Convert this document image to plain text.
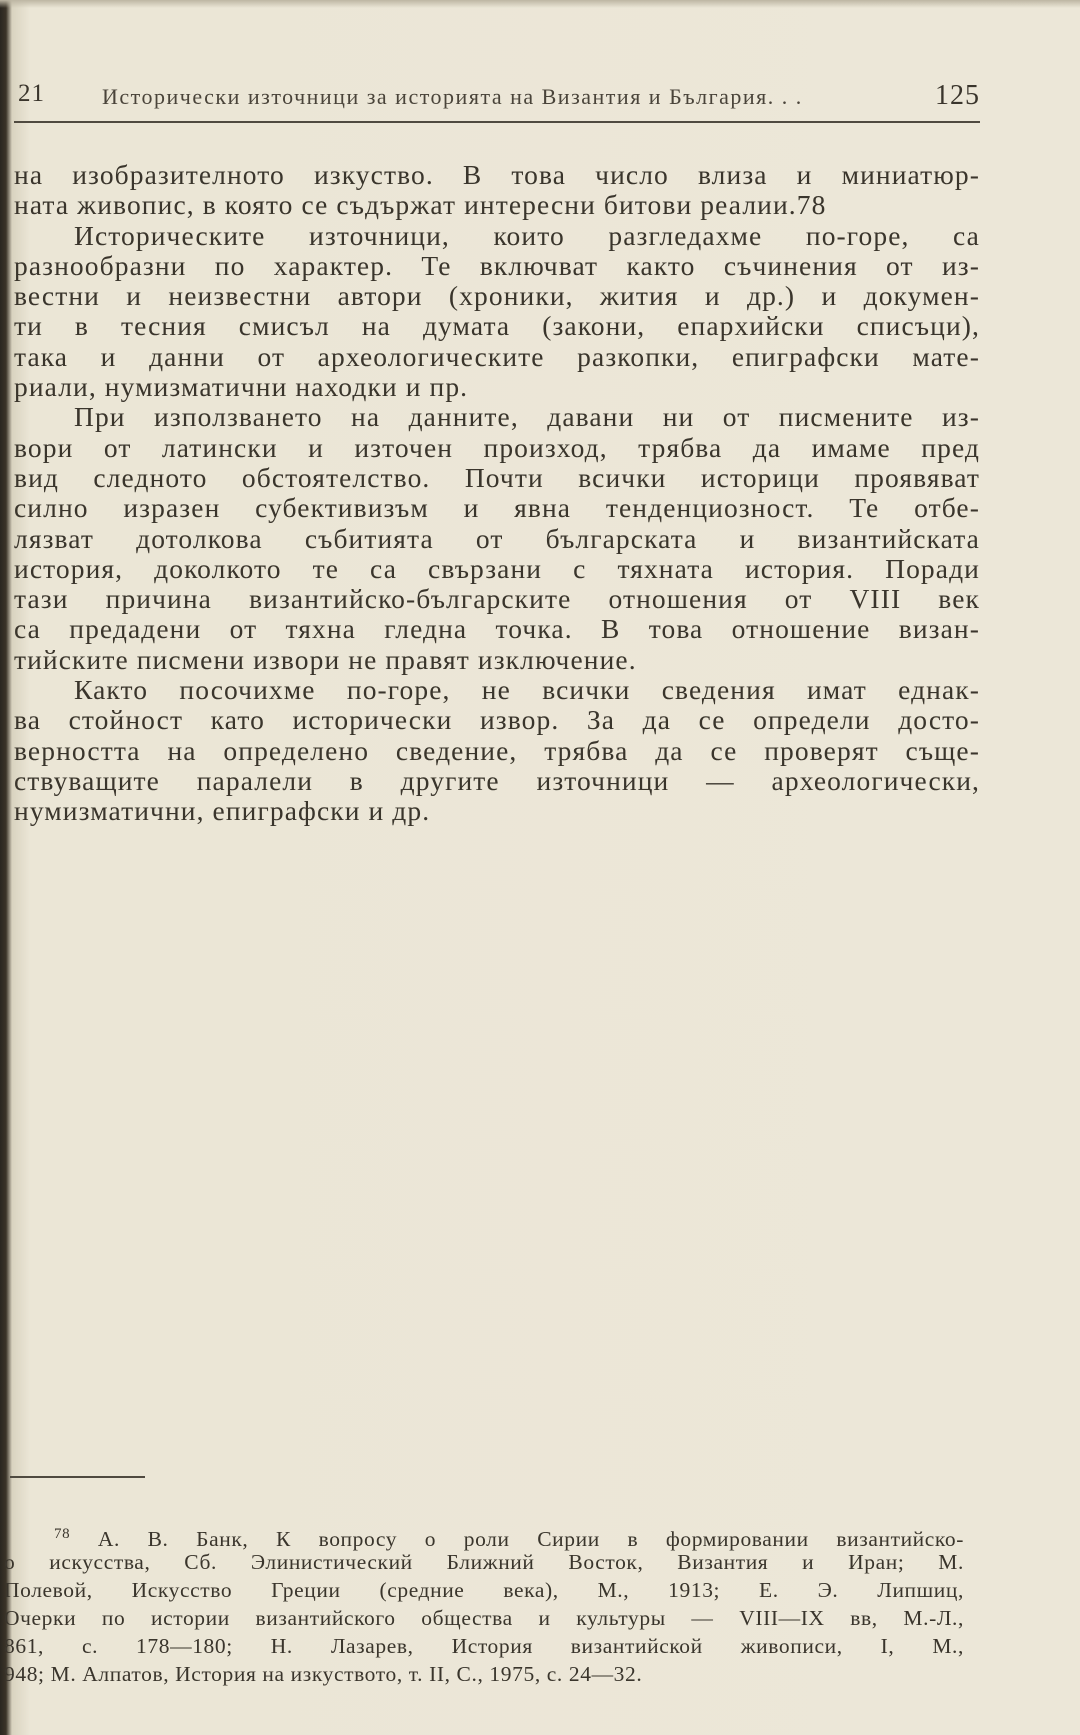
21	Исторически източници за историята на Византия и България. . .	125
на изобразителното изкуство. В това число влиза и миниатюр-
ната живопис, в която се съдържат интересни битови реалии.78
Историческите източници, които разгледахме по-горе, са
разнообразни по характер. Те включват както съчинения от из-
вестни и неизвестни автори (хроники, жития и др.) и докумен-
ти в тесния смисъл на думата (закони, епархийски списъци),
така и данни от археологическите разкопки, епиграфски мате-
риали, нумизматични находки и пр.
При използването на данните, давани ни от писмените из-
вори от латински и източен произход, трябва да имаме пред
вид следното обстоятелство. Почти всички историци проявяват
силно изразен субективизъм и явна тенденциозност. Те отбе-
лязват дотолкова събитията от българската и византийската
история, доколкото те са свързани с тяхната история. Поради
тази причина византийско-българските отношения от VIII век
са предадени от тяхна гледна точка. В това отношение визан-
тийските писмени извори не правят изключение.
Както посочихме по-горе, не всички сведения имат еднак-
ва стойност като исторически извор. За да се определи досто-
верността на определено сведение, трябва да се проверят съще-
ствуващите паралели в другите източници — археологически,
нумизматични, епиграфски и др.
$^{78}$ А. В. Банк, К вопросу о роли Сирии в формировании византийско-
о искусства, Сб. Элинистический Ближний Восток, Византия и Иран; М.
Полевой, Искусство Греции (средние века), М., 1913; Е. Э. Липшиц,
Очерки по истории византийского общества и культуры — VIII—IX вв, М.-Л.,
861, с. 178—180; Н. Лазарев, История византийской живописи, I, М.,
948; М. Алпатов, История на изкуството, т. II, С., 1975, с. 24—32.
